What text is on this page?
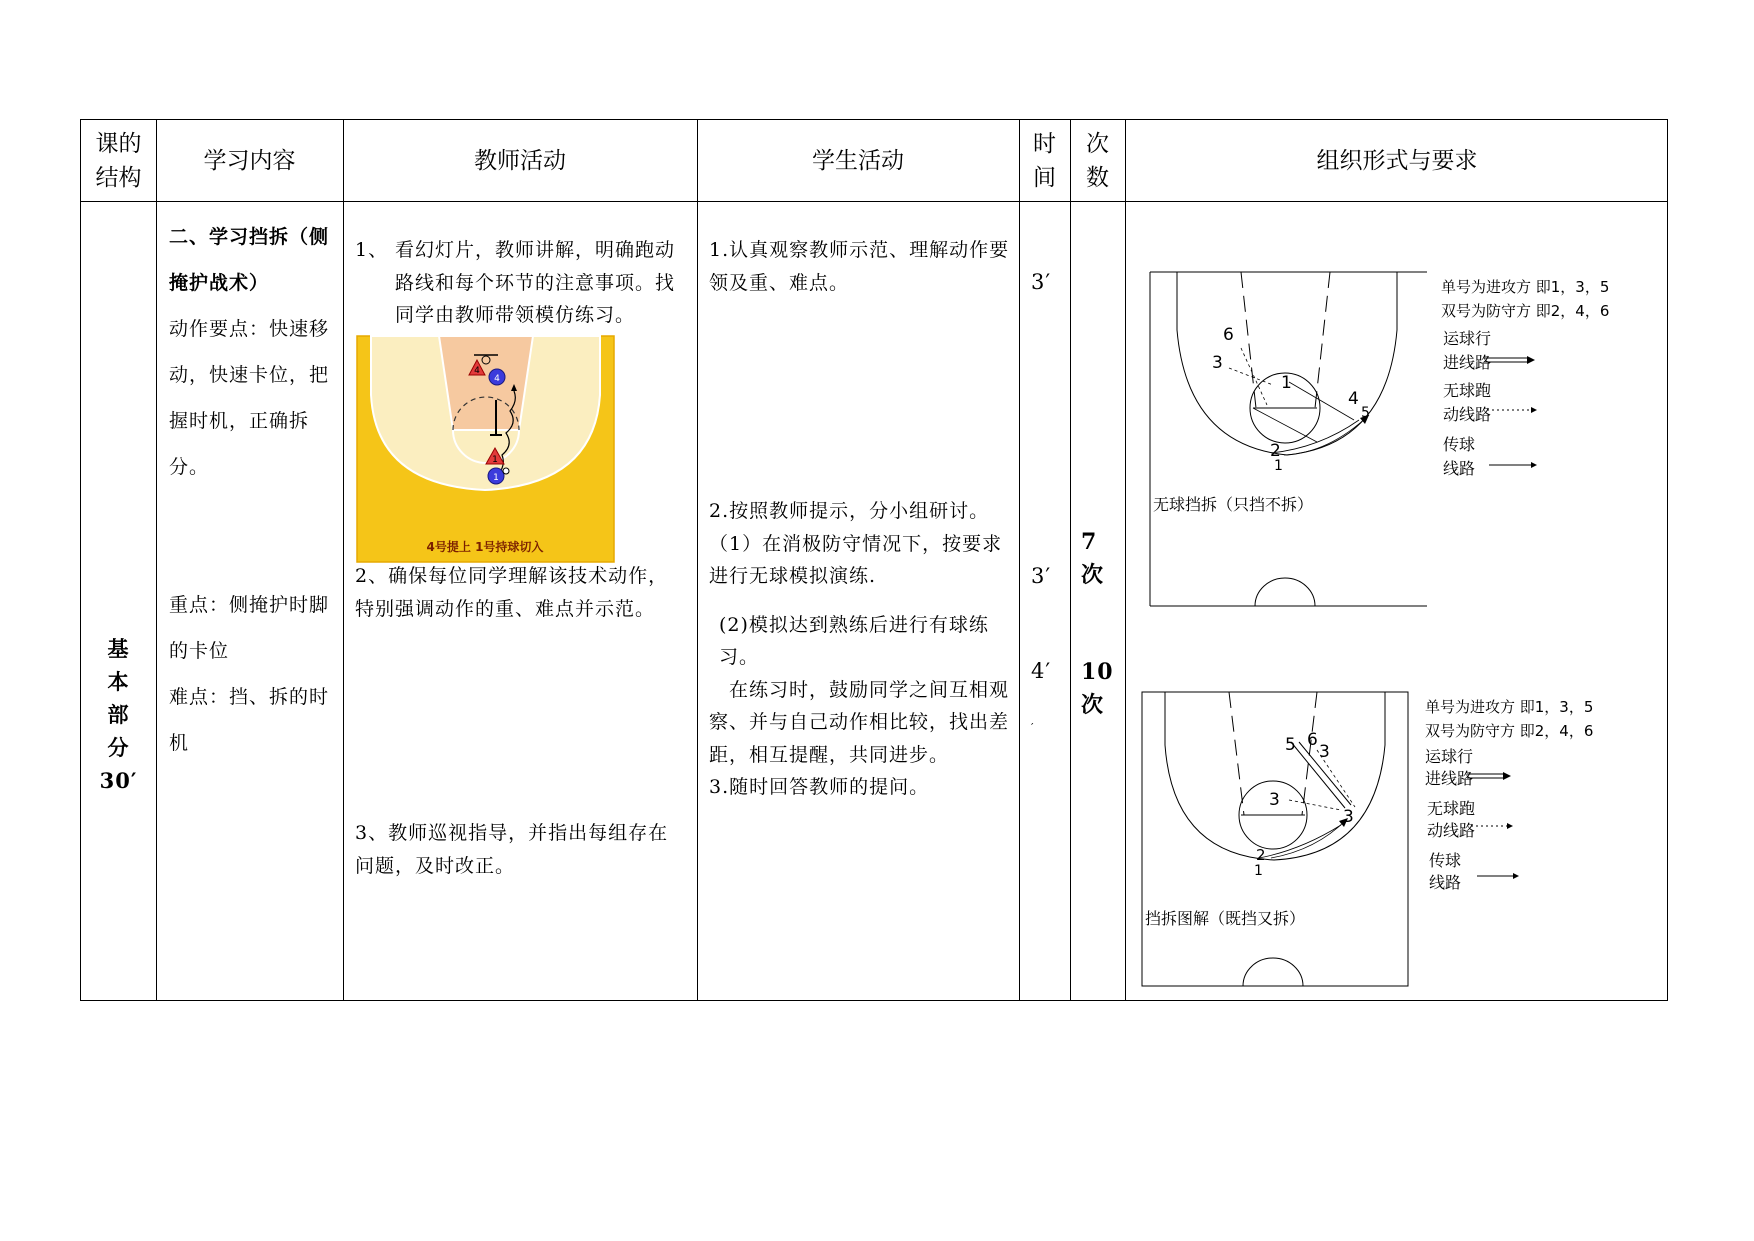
课的结构
学习内容	教师活动	学生活动
时间
次数
组织形式与要求
基
本
部
分
30′
二、学习挡拆（侧掩护战术）
动作要点：快速移动，快速卡位，把握时机，正确拆分。
重点：侧掩护时脚的卡位
难点：挡、拆的时机
1、 看幻灯片，教师讲解，明确跑动路线和每个环节的注意事项。找同学由教师带领模仿练习。
4
4
1
1
4号提上 1号持球切入
2、确保每位同学理解该技术动作，特别强调动作的重、难点并示范。
3、教师巡视指导，并指出每组存在问题，及时改正。
1.认真观察教师示范、理解动作要领及重、难点。
2.按照教师提示，分小组研讨。
（1）在消极防守情况下，按要求进行无球模拟演练.
(2)模拟达到熟练后进行有球练习。
在练习时，鼓励同学之间互相观察、并与自己动作相比较，找出差距，相互提醒，共同进步。
3.随时回答教师的提问。
3′
3′
4′
′
7
次
10
次
6
3
1
4
5
2
1
无球挡拆（只挡不拆）
单号为进攻方 即1，3，5
双号为防守方 即2，4，6
运球行
进线路
无球跑
动线路
传球
线路
5 6
3
3
3
2
1
挡拆图解（既挡又拆）
单号为进攻方 即1，3，5
双号为防守方 即2，4，6
运球行
进线路
无球跑
动线路
传球
线路
